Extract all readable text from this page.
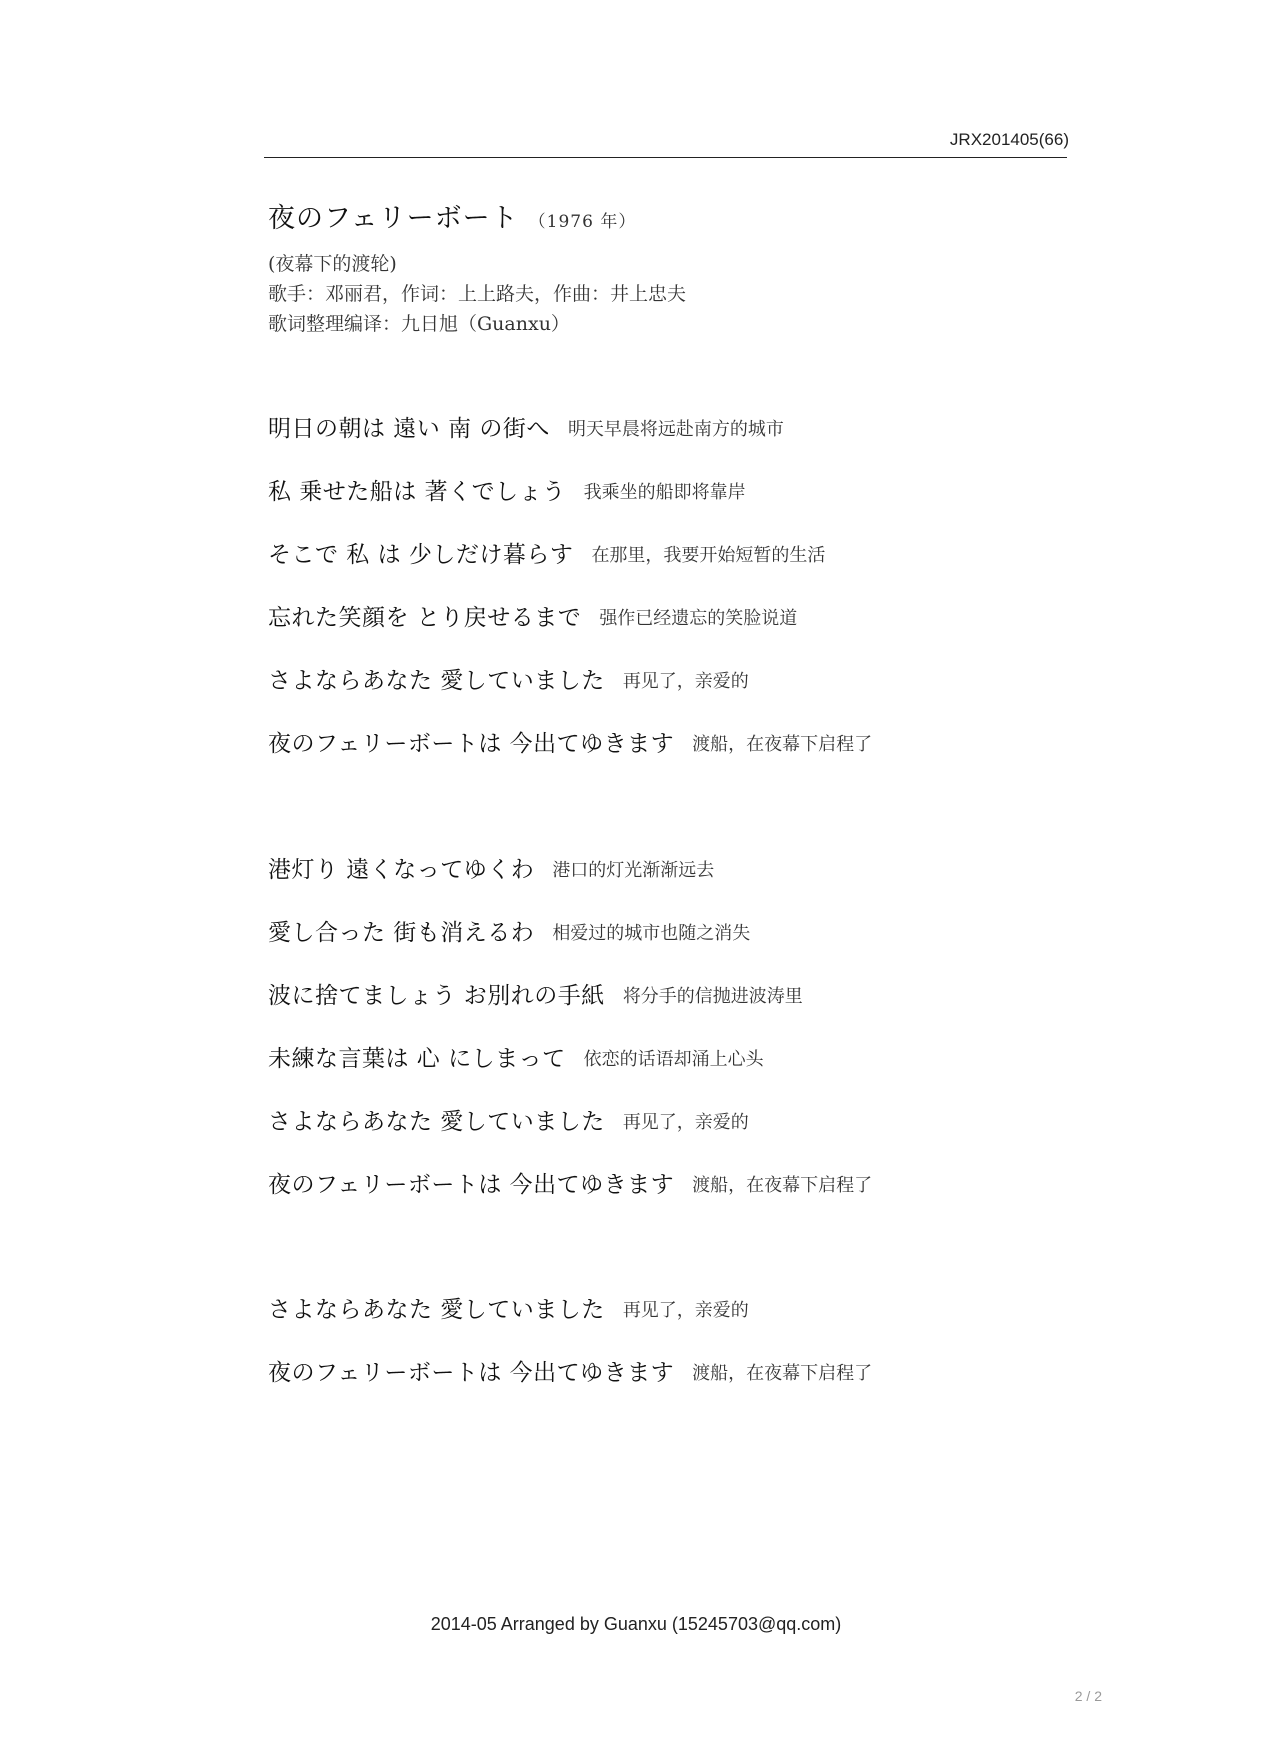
JRX201405(66)
夜のフェリーボート （1976 年）
(夜幕下的渡轮)
歌手：邓丽君，作词：上上路夫，作曲：井上忠夫
歌词整理编译：九日旭（Guanxu）
明日の朝は 遠い 南 の街へ 明天早晨将远赴南方的城市
私 乗せた船は 著くでしょう 我乘坐的船即将靠岸
そこで 私 は 少しだけ暮らす 在那里，我要开始短暂的生活
忘れた笑顔を とり戻せるまで 强作已经遗忘的笑脸说道
さよならあなた 愛していました 再见了，亲爱的
夜のフェリーボートは 今出てゆきます 渡船，在夜幕下启程了
港灯り 遠くなってゆくわ 港口的灯光渐渐远去
愛し合った 街も消えるわ 相爱过的城市也随之消失
波に捨てましょう お別れの手紙 将分手的信抛进波涛里
未練な言葉は 心 にしまって 依恋的话语却涌上心头
さよならあなた 愛していました 再见了，亲爱的
夜のフェリーボートは 今出てゆきます 渡船，在夜幕下启程了
さよならあなた 愛していました 再见了，亲爱的
夜のフェリーボートは 今出てゆきます 渡船，在夜幕下启程了
2014-05 Arranged by Guanxu (15245703@qq.com)
2 / 2
